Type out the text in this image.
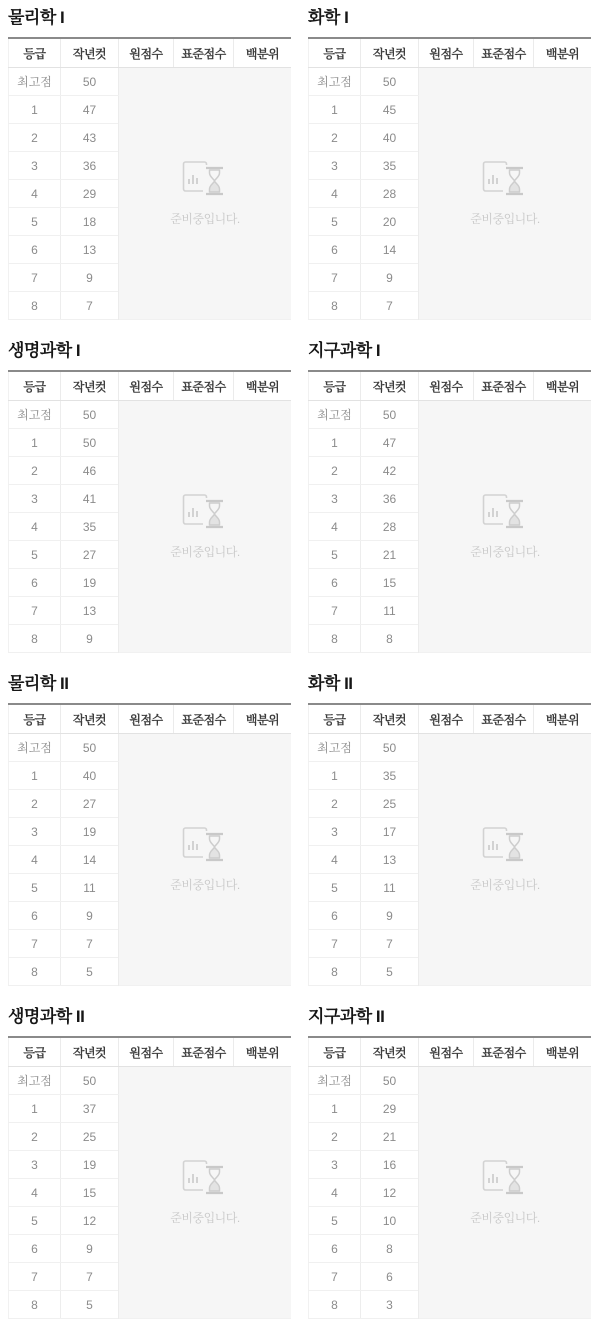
물리학 I
등급	작년컷	원점수	표준점수	백분위
최고점	50	준비중입니다.		

1	47			
2	43			
3	36			
4	29			
5	18			
6	13			
7	9			
8	7			
화학 I
등급	작년컷	원점수	표준점수	백분위
최고점	50	준비중입니다.		

1	45			
2	40			
3	35			
4	28			
5	20			
6	14			
7	9			
8	7			
생명과학 I
등급	작년컷	원점수	표준점수	백분위
최고점	50	준비중입니다.		

1	50			
2	46			
3	41			
4	35			
5	27			
6	19			
7	13			
8	9			
지구과학 I
등급	작년컷	원점수	표준점수	백분위
최고점	50	준비중입니다.		

1	47			
2	42			
3	36			
4	28			
5	21			
6	15			
7	11			
8	8			
물리학 II
등급	작년컷	원점수	표준점수	백분위
최고점	50	준비중입니다.		

1	40			
2	27			
3	19			
4	14			
5	11			
6	9			
7	7			
8	5			
화학 II
등급	작년컷	원점수	표준점수	백분위
최고점	50	준비중입니다.		

1	35			
2	25			
3	17			
4	13			
5	11			
6	9			
7	7			
8	5			
생명과학 II
등급	작년컷	원점수	표준점수	백분위
최고점	50	준비중입니다.		

1	37			
2	25			
3	19			
4	15			
5	12			
6	9			
7	7			
8	5			
지구과학 II
등급	작년컷	원점수	표준점수	백분위
최고점	50	준비중입니다.		

1	29			
2	21			
3	16			
4	12			
5	10			
6	8			
7	6			
8	3			
